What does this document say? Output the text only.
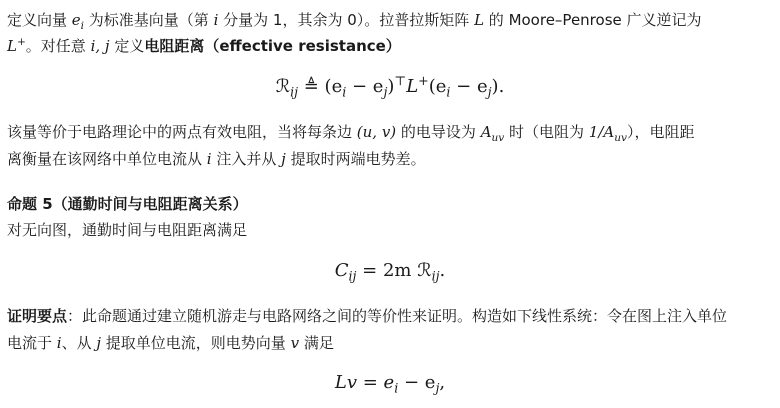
定义向量 $e_i$ 为标准基向量（第 i 分量为 1，其余为 0）。拉普拉斯矩阵 L 的 Moore–Penrose 广义逆记为
L+。对任意 i, j 定义电阻距离（effective resistance）
ℛ$_{ij}$ ≜ $(e_i - e_j)^⊤L^+(e_i - e_j)$.
该量等价于电路理论中的两点有效电阻，当将每条边 (u, v) 的电导设为 $A_{uv}$ 时（电阻为 $1/A_{uv}$），电阻距
离衡量在该网络中单位电流从 i 注入并从 j 提取时两端电势差。
命题 5（通勤时间与电阻距离关系）
对无向图，通勤时间与电阻距离满足
$C_{ij} = 2m$ ℛ$_{ij}$.
证明要点：此命题通过建立随机游走与电路网络之间的等价性来证明。构造如下线性系统：令在图上注入单位
电流于 i、从 j 提取单位电流，则电势向量 v 满足
$Lv = e_i - e_j$,
